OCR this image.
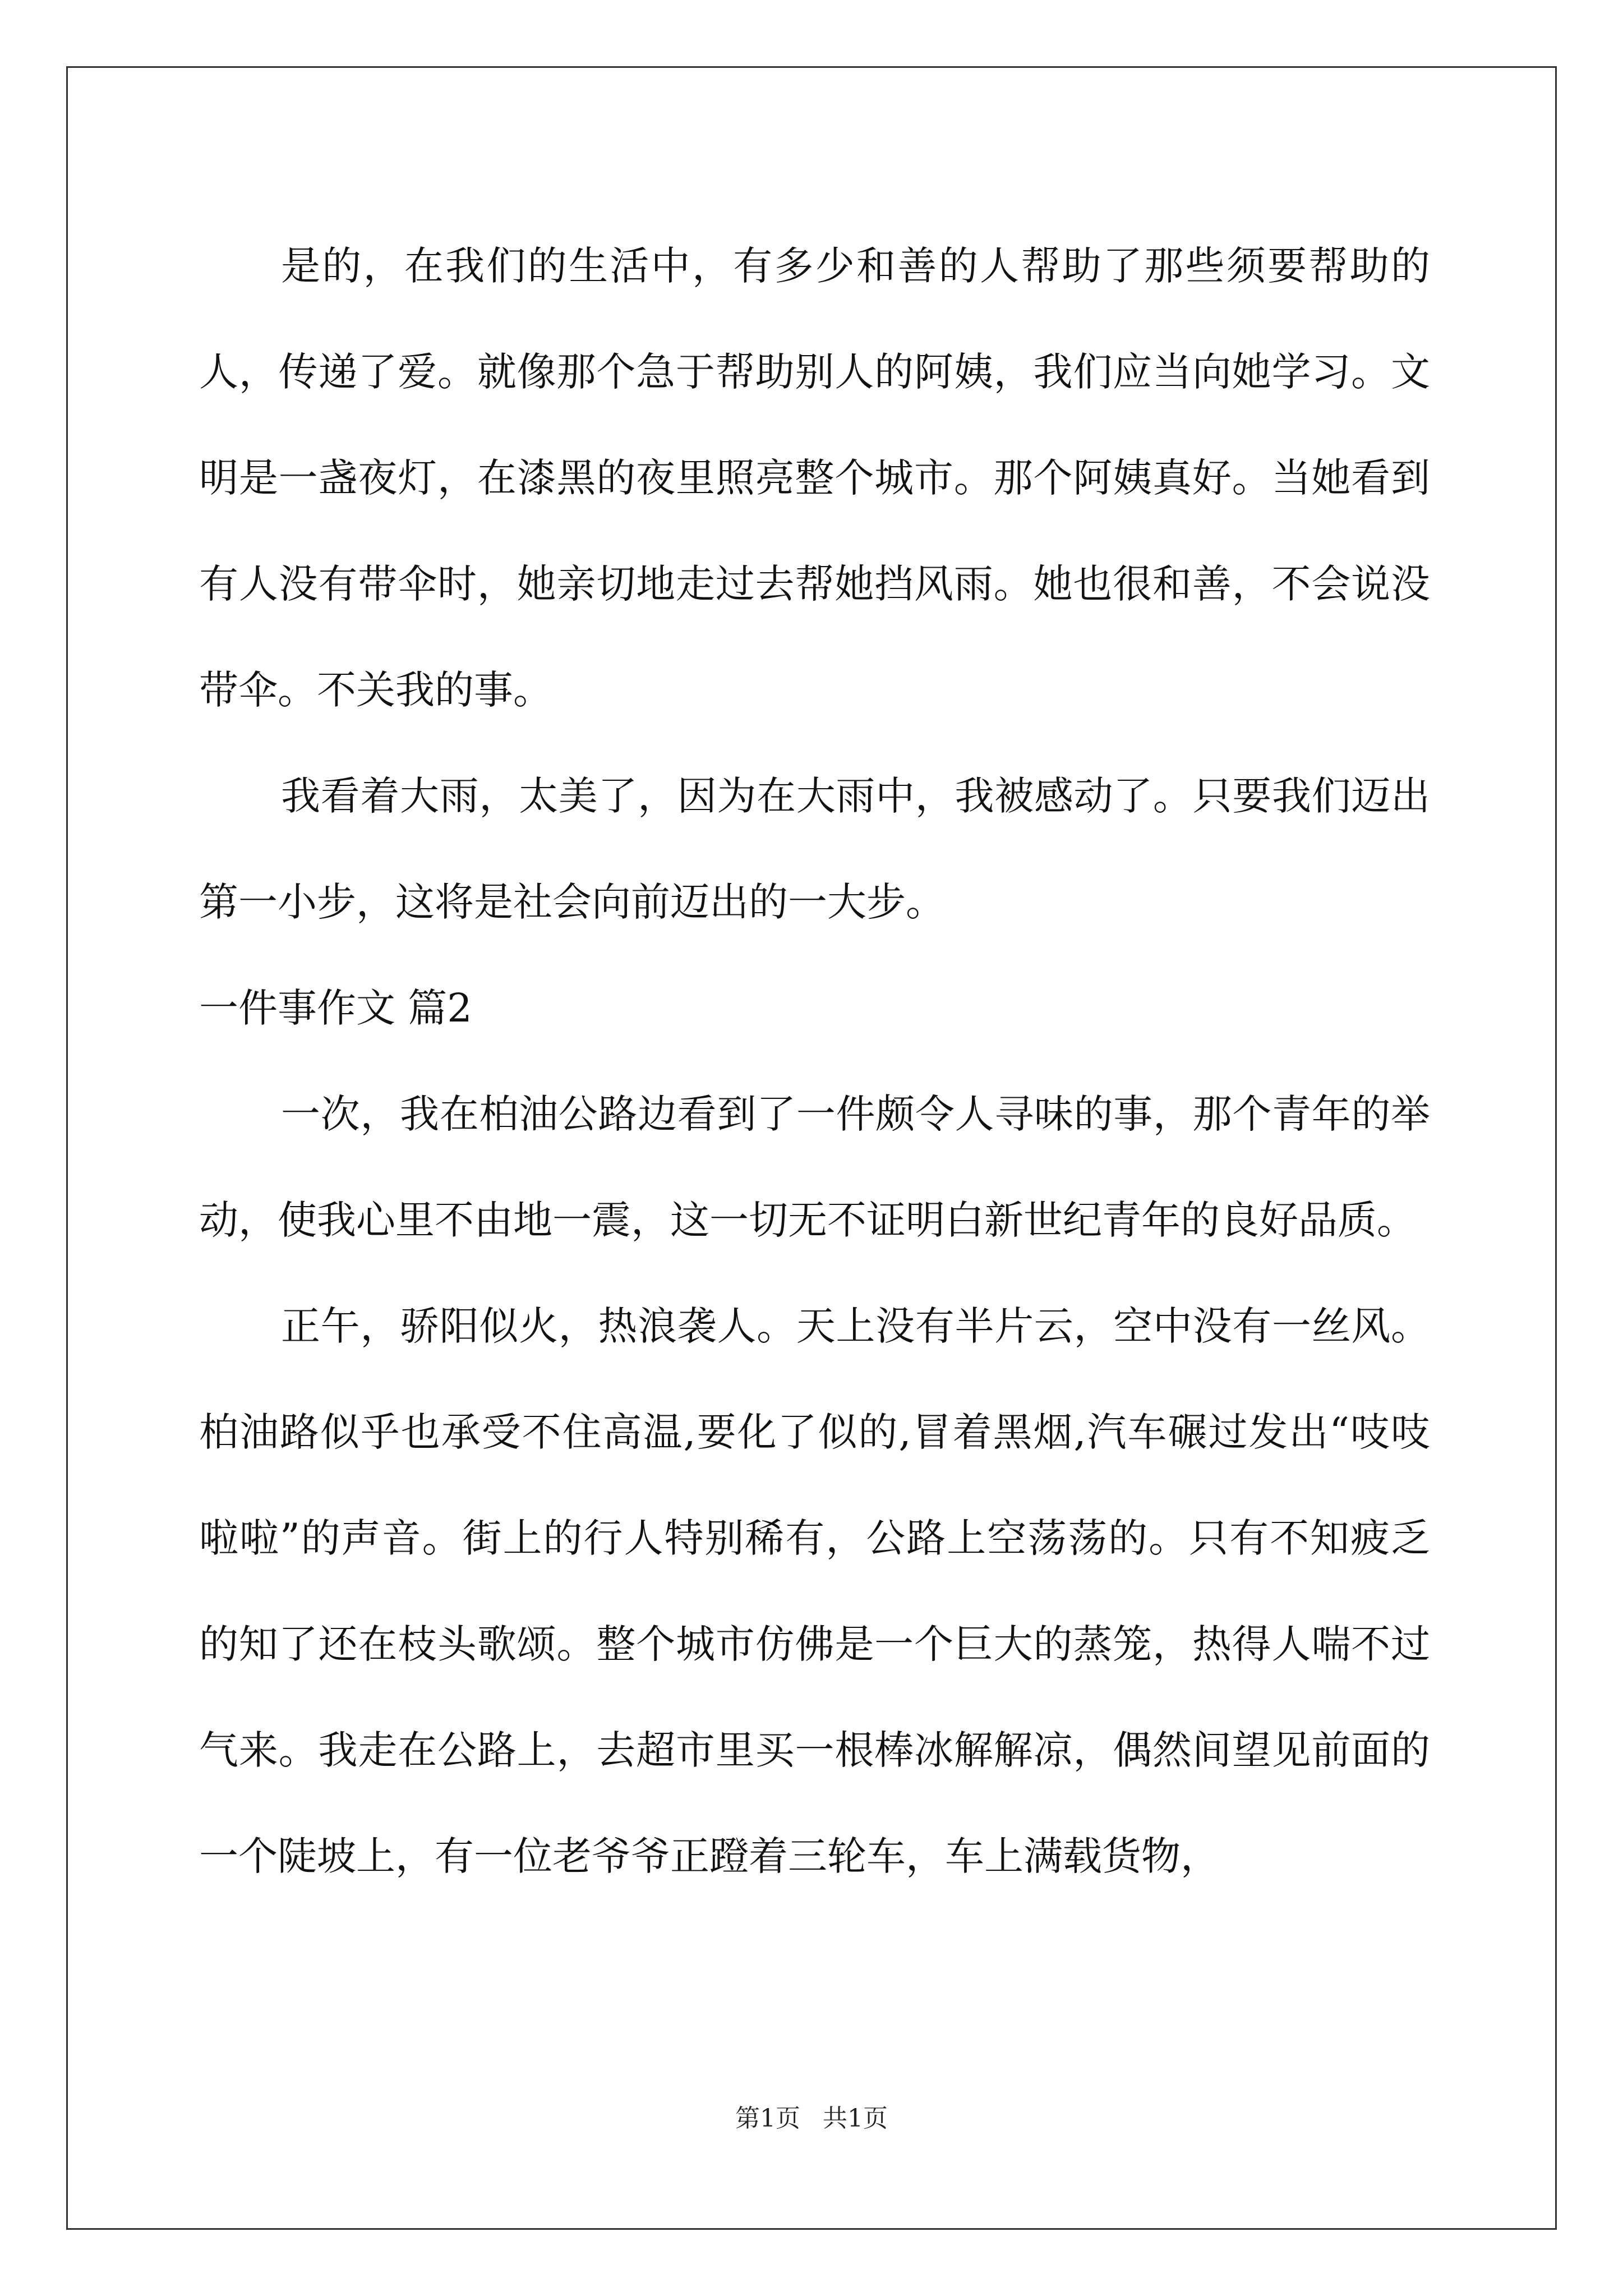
是的，在我们的生活中，有多少和善的人帮助了那些须要帮助的人，传递了爱。就像那个急于帮助别人的阿姨，我们应当向她学习。文明是一盏夜灯，在漆黑的夜里照亮整个城市。那个阿姨真好。当她看到有人没有带伞时，她亲切地走过去帮她挡风雨。她也很和善，不会说没带伞。不关我的事。

我看着大雨，太美了，因为在大雨中，我被感动了。只要我们迈出第一小步，这将是社会向前迈出的一大步。

一件事作文 篇2

一次，我在柏油公路边看到了一件颇令人寻味的事，那个青年的举动，使我心里不由地一震，这一切无不证明白新世纪青年的良好品质。

正午，骄阳似火，热浪袭人。天上没有半片云，空中没有一丝风。柏油路似乎也承受不住高温,要化了似的,冒着黑烟,汽车碾过发出“吱吱啦啦”的声音。街上的行人特别稀有，公路上空荡荡的。只有不知疲乏的知了还在枝头歌颂。整个城市仿佛是一个巨大的蒸笼，热得人喘不过气来。我走在公路上，去超市里买一根棒冰解解凉，偶然间望见前面的一个陡坡上，有一位老爷爷正蹬着三轮车，车上满载货物，

第1页 共1页
